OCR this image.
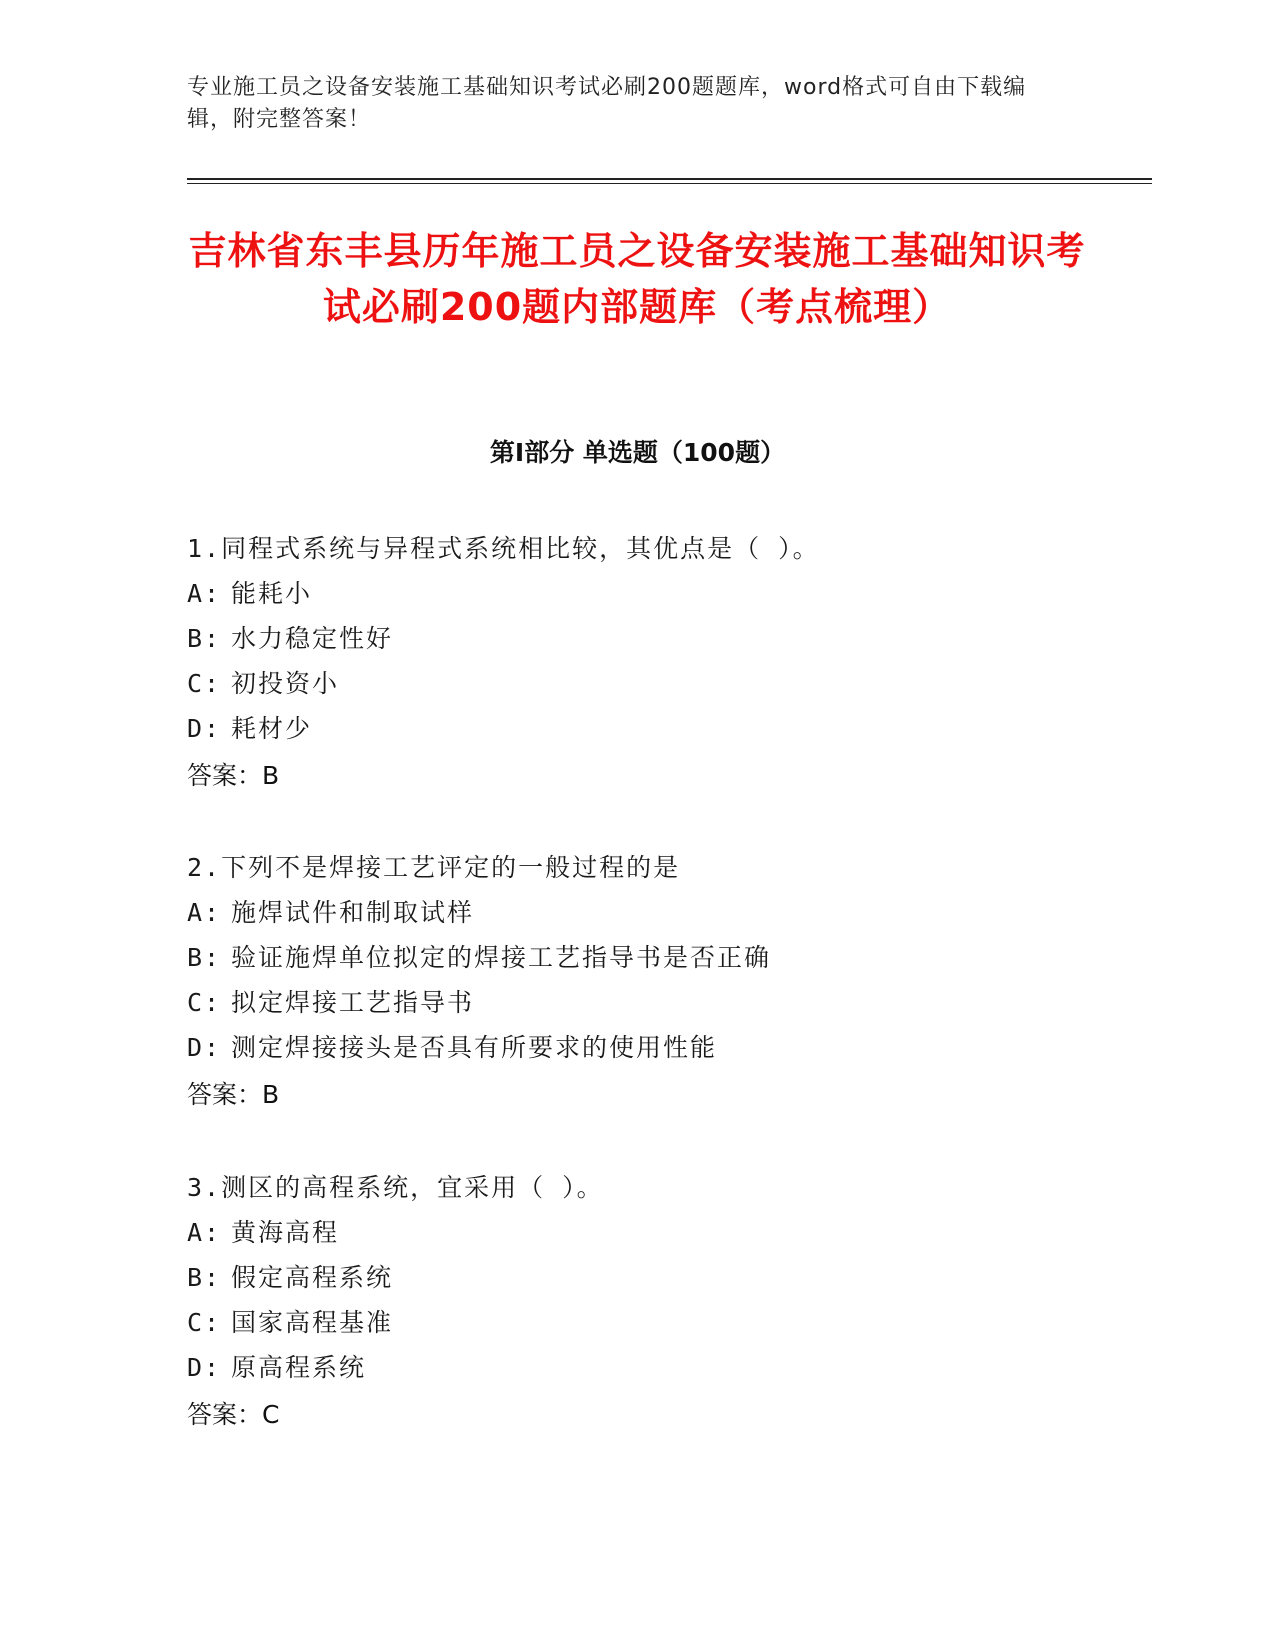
专业施工员之设备安装施工基础知识考试必刷200题题库，word格式可自由下载编辑，附完整答案！
吉林省东丰县历年施工员之设备安装施工基础知识考试必刷200题内部题库（考点梳理）
第I部分 单选题（100题）
1.同程式系统与异程式系统相比较，其优点是（ ）。
A: 能耗小
B: 水力稳定性好
C: 初投资小
D: 耗材少
答案：B
2.下列不是焊接工艺评定的一般过程的是
A: 施焊试件和制取试样
B: 验证施焊单位拟定的焊接工艺指导书是否正确
C: 拟定焊接工艺指导书
D: 测定焊接接头是否具有所要求的使用性能
答案：B
3.测区的高程系统，宜采用（ ）。
A: 黄海高程
B: 假定高程系统
C: 国家高程基准
D: 原高程系统
答案：C
